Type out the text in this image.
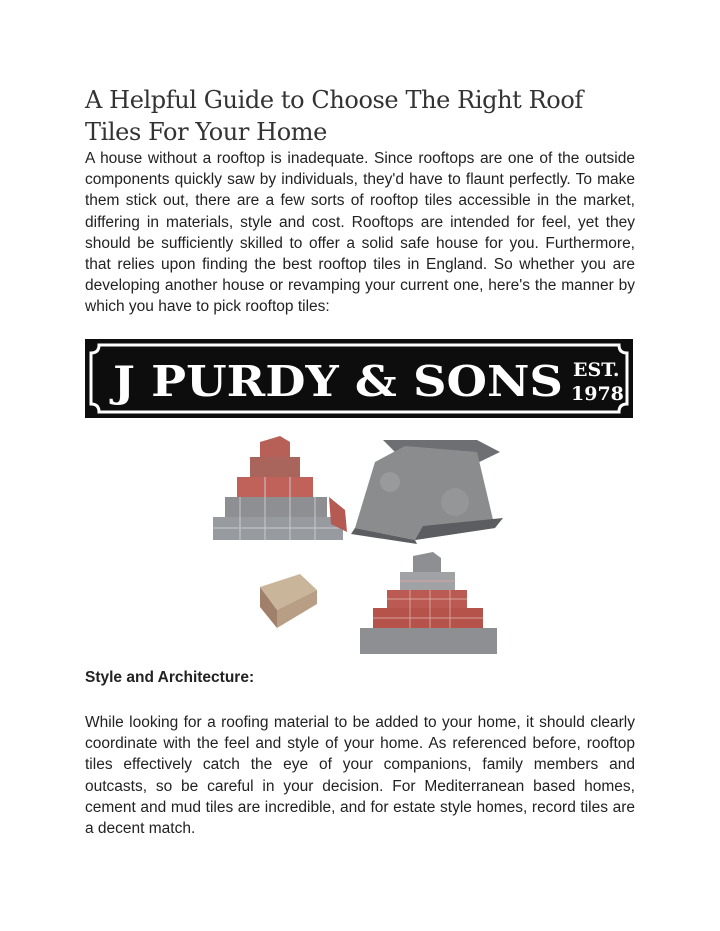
A Helpful Guide to Choose The Right Roof Tiles For Your Home

A house without a rooftop is inadequate. Since rooftops are one of the outside components quickly saw by individuals, they'd have to flaunt perfectly. To make them stick out, there are a few sorts of rooftop tiles accessible in the market, differing in materials, style and cost. Rooftops are intended for feel, yet they should be sufficiently skilled to offer a solid safe house for you. Furthermore, that relies upon finding the best rooftop tiles in England. So whether you are developing another house or revamping your current one, here's the manner by which you have to pick rooftop tiles:

J PURDY & SONS EST.
1978
Style and Architecture:

While looking for a roofing material to be added to your home, it should clearly coordinate with the feel and style of your home. As referenced before, rooftop tiles effectively catch the eye of your companions, family members and outcasts, so be careful in your decision. For Mediterranean based homes, cement and mud tiles are incredible, and for estate style homes, record tiles are a decent match.
